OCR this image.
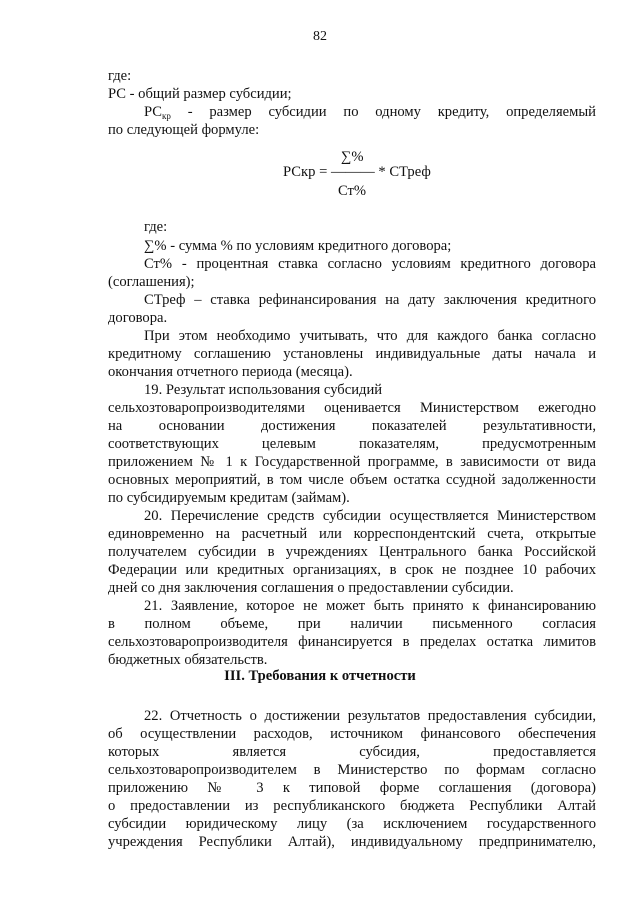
82
где:
РС - общий размер субсидии;
$РС_{кр}$ - размер субсидии по одному кредиту, определяемый
по следующей формуле:
∑%
РСкр = ——— * СТреф
Ст%
где:
∑% - сумма % по условиям кредитного договора;
Ст% - процентная ставка согласно условиям кредитного договора
(соглашения);
СТреф – ставка рефинансирования на дату заключения кредитного
договора.
При этом необходимо учитывать, что для каждого банка согласно
кредитному соглашению установлены индивидуальные даты начала и
окончания отчетного периода (месяца).
19. Результат использования субсидий
сельхозтоваропроизводителями оценивается Министерством ежегодно
на основании достижения показателей результативности,
соответствующих целевым показателям, предусмотренным
приложением № 1 к Государственной программе, в зависимости от вида
основных мероприятий, в том числе объем остатка ссудной задолженности
по субсидируемым кредитам (займам).
20. Перечисление средств субсидии осуществляется Министерством
единовременно на расчетный или корреспондентский счета, открытые
получателем субсидии в учреждениях Центрального банка Российской
Федерации или кредитных организациях, в срок не позднее 10 рабочих
дней со дня заключения соглашения о предоставлении субсидии.
21. Заявление, которое не может быть принято к финансированию
в полном объеме, при наличии письменного согласия
сельхозтоваропроизводителя финансируется в пределах остатка лимитов
бюджетных обязательств.
III. Требования к отчетности
22. Отчетность о достижении результатов предоставления субсидии,
об осуществлении расходов, источником финансового обеспечения
которых является субсидия, предоставляется
сельхозтоваропроизводителем в Министерство по формам согласно
приложению № 3 к типовой форме соглашения (договора)
о предоставлении из республиканского бюджета Республики Алтай
субсидии юридическому лицу (за исключением государственного
учреждения Республики Алтай), индивидуальному предпринимателю,
